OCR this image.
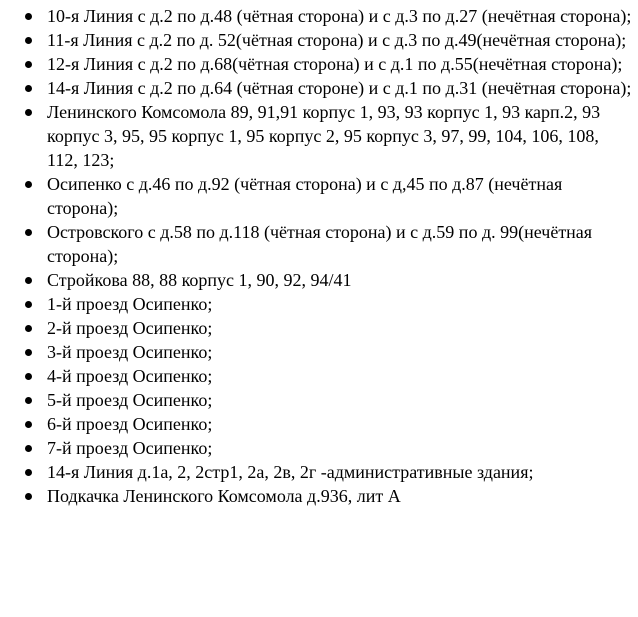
10-я Линия с д.2 по д.48 (чётная сторона) и с д.3 по д.27 (нечётная сторона);
11-я Линия с д.2 по д. 52(чётная сторона) и с д.3 по д.49(нечётная сторона);
12-я Линия с д.2 по д.68(чётная сторона) и с д.1 по д.55(нечётная сторона);
14-я Линия с д.2 по д.64 (чётная стороне) и с д.1 по д.31 (нечётная сторона);
Ленинского Комсомола 89, 91,91 корпус 1, 93, 93 корпус 1, 93 карп.2, 93 корпус 3, 95, 95 корпус 1, 95 корпус 2, 95 корпус 3, 97, 99, 104, 106, 108, 112, 123;
Осипенко с д.46 по д.92 (чётная сторона) и с д,45 по д.87 (нечётная сторона);
Островского с д.58 по д.118 (чётная сторона) и с д.59 по д. 99(нечётная сторона);
Стройкова 88, 88 корпус 1, 90, 92, 94/41
1-й проезд Осипенко;
2-й проезд Осипенко;
3-й проезд Осипенко;
4-й проезд Осипенко;
5-й проезд Осипенко;
6-й проезд Осипенко;
7-й проезд Осипенко;
14-я Линия д.1а, 2, 2стр1, 2а, 2в, 2г -административные здания;
Подкачка Ленинского Комсомола д.936, лит А
